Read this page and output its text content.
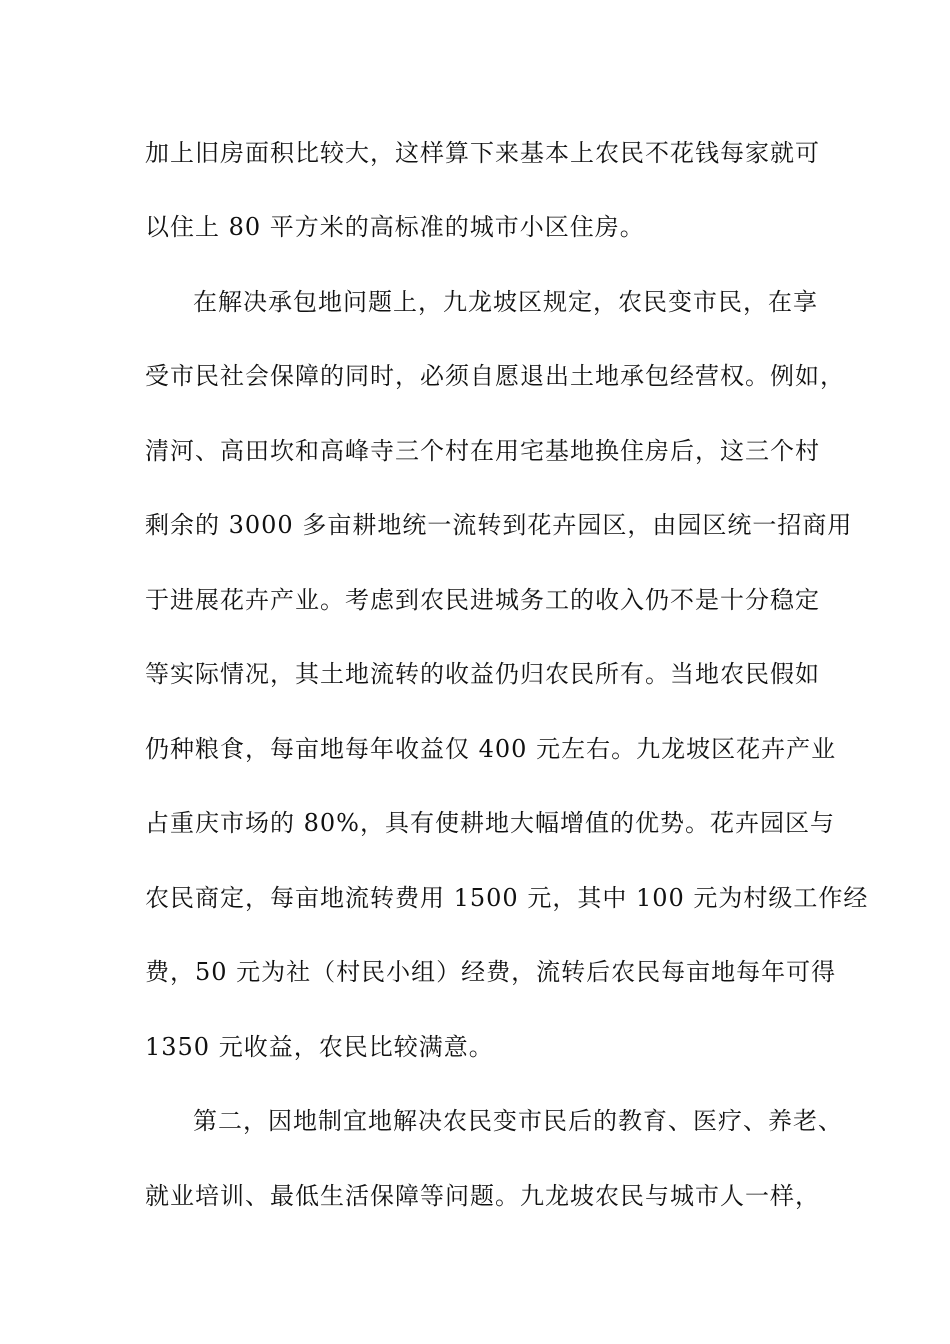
加上旧房面积比较大，这样算下来基本上农民不花钱每家就可
以住上 80 平方米的高标准的城市小区住房。
在解决承包地问题上，九龙坡区规定，农民变市民，在享
受市民社会保障的同时，必须自愿退出土地承包经营权。例如，
清河、高田坎和高峰寺三个村在用宅基地换住房后，这三个村
剩余的 3000 多亩耕地统一流转到花卉园区，由园区统一招商用
于进展花卉产业。考虑到农民进城务工的收入仍不是十分稳定
等实际情况，其土地流转的收益仍归农民所有。当地农民假如
仍种粮食，每亩地每年收益仅 400 元左右。九龙坡区花卉产业
占重庆市场的 80%，具有使耕地大幅增值的优势。花卉园区与
农民商定，每亩地流转费用 1500 元，其中 100 元为村级工作经
费，50 元为社（村民小组）经费，流转后农民每亩地每年可得
1350 元收益，农民比较满意。
第二，因地制宜地解决农民变市民后的教育、医疗、养老、
就业培训、最低生活保障等问题。九龙坡农民与城市人一样，
